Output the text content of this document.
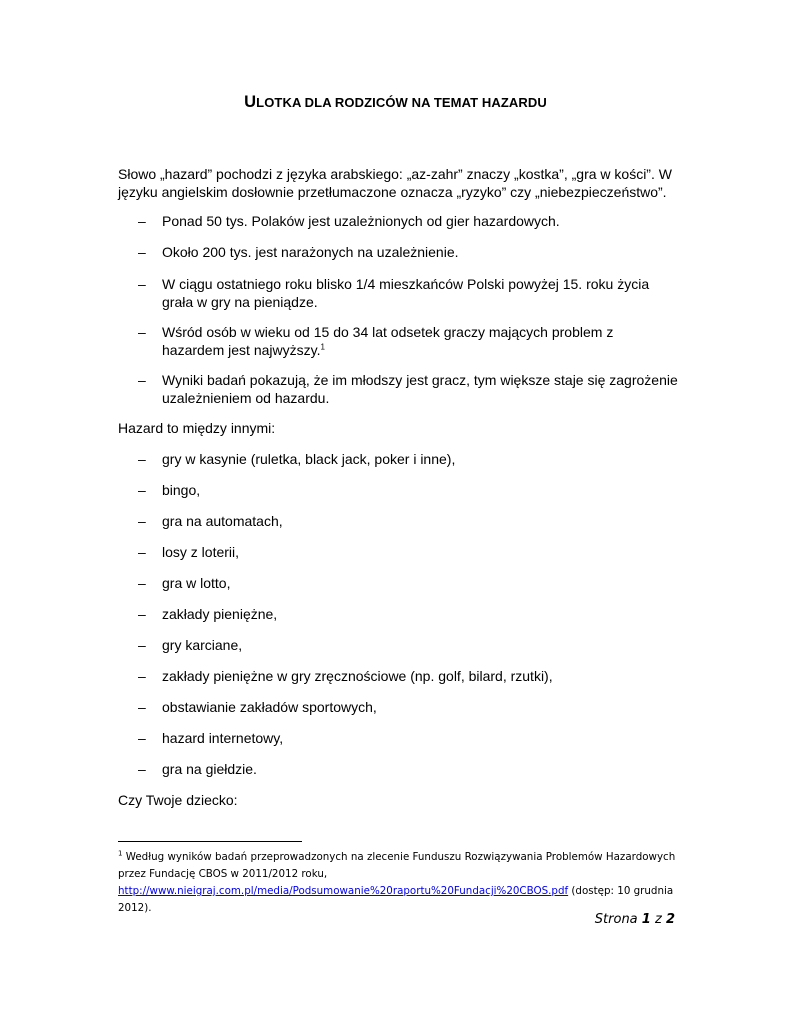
ULOTKA DLA RODZICÓW NA TEMAT HAZARDU

Słowo „hazard” pochodzi z języka arabskiego: „az-zahr” znaczy „kostka”, „gra w kości”. W języku angielskim dosłownie przetłumaczone oznacza „ryzyko” czy „niebezpieczeństwo”.

– Ponad 50 tys. Polaków jest uzależnionych od gier hazardowych.
– Około 200 tys. jest narażonych na uzależnienie.
– W ciągu ostatniego roku blisko 1/4 mieszkańców Polski powyżej 15. roku życia grała w gry na pieniądze.
– Wśród osób w wieku od 15 do 34 lat odsetek graczy mających problem z hazardem jest najwyższy.$^1$
– Wyniki badań pokazują, że im młodszy jest gracz, tym większe staje się zagrożenie uzależnieniem od hazardu.

Hazard to między innymi:

– gry w kasynie (ruletka, black jack, poker i inne),
– bingo,
– gra na automatach,
– losy z loterii,
– gra w lotto,
– zakłady pieniężne,
– gry karciane,
– zakłady pieniężne w gry zręcznościowe (np. golf, bilard, rzutki),
– obstawianie zakładów sportowych,
– hazard internetowy,
– gra na giełdzie.

Czy Twoje dziecko:

$^1$ Według wyników badań przeprowadzonych na zlecenie Funduszu Rozwiązywania Problemów Hazardowych przez Fundację CBOS w 2011/2012 roku,
http://www.nieigraj.com.pl/media/Podsumowanie%20raportu%20Fundacji%20CBOS.pdf (dostęp: 10 grudnia 2012).
Strona 1 z 2
